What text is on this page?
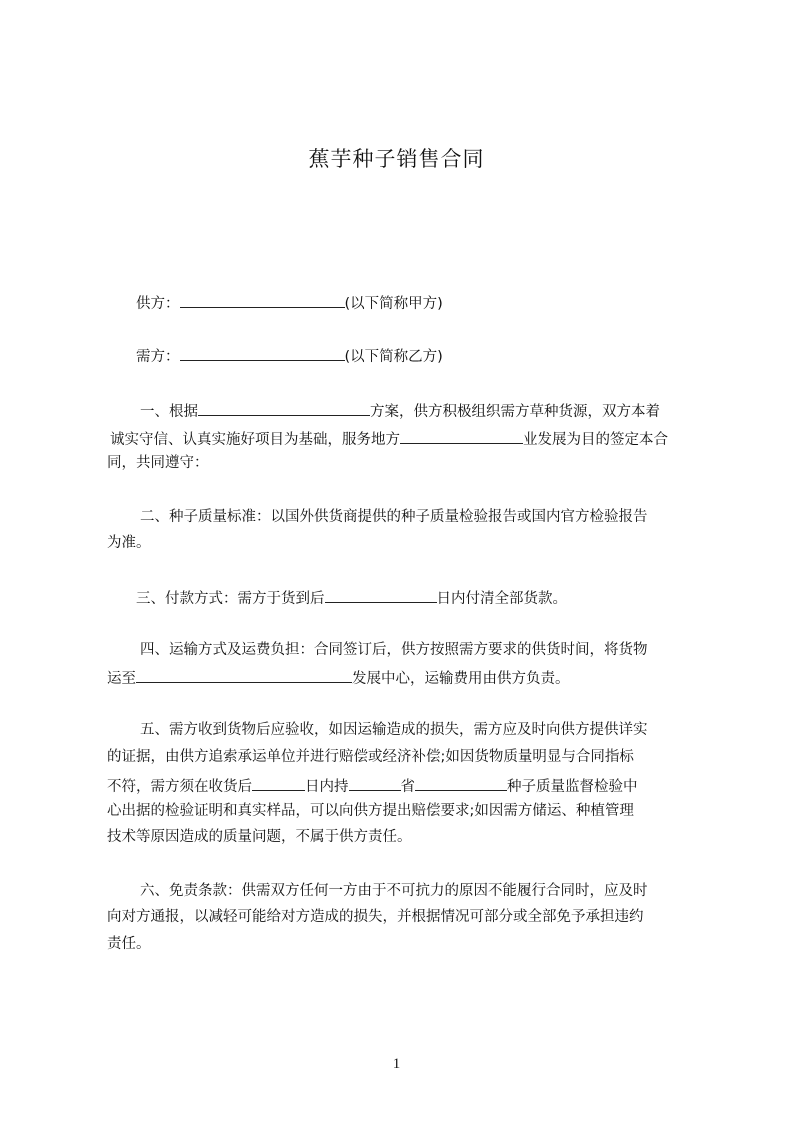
蕉芋种子销售合同
供方：	(以下简称甲方)
需方：	(以下简称乙方)
一、根据	方案，供方积极组织需方草种货源，双方本着
诚实守信、认真实施好项目为基础，服务地方	业发展为目的签定本合
同，共同遵守：
二、种子质量标准：以国外供货商提供的种子质量检验报告或国内官方检验报告
为准。
三、付款方式：需方于货到后	日内付清全部货款。
四、运输方式及运费负担：合同签订后，供方按照需方要求的供货时间，将货物
运至	发展中心，运输费用由供方负责。
五、需方收到货物后应验收，如因运输造成的损失，需方应及时向供方提供详实
的证据，由供方追索承运单位并进行赔偿或经济补偿;如因货物质量明显与合同指标
不符，需方须在收货后	日内持	省	种子质量监督检验中
心出据的检验证明和真实样品，可以向供方提出赔偿要求;如因需方储运、种植管理
技术等原因造成的质量问题，不属于供方责任。
六、免责条款：供需双方任何一方由于不可抗力的原因不能履行合同时，应及时
向对方通报，以减轻可能给对方造成的损失，并根据情况可部分或全部免予承担违约
责任。
1
